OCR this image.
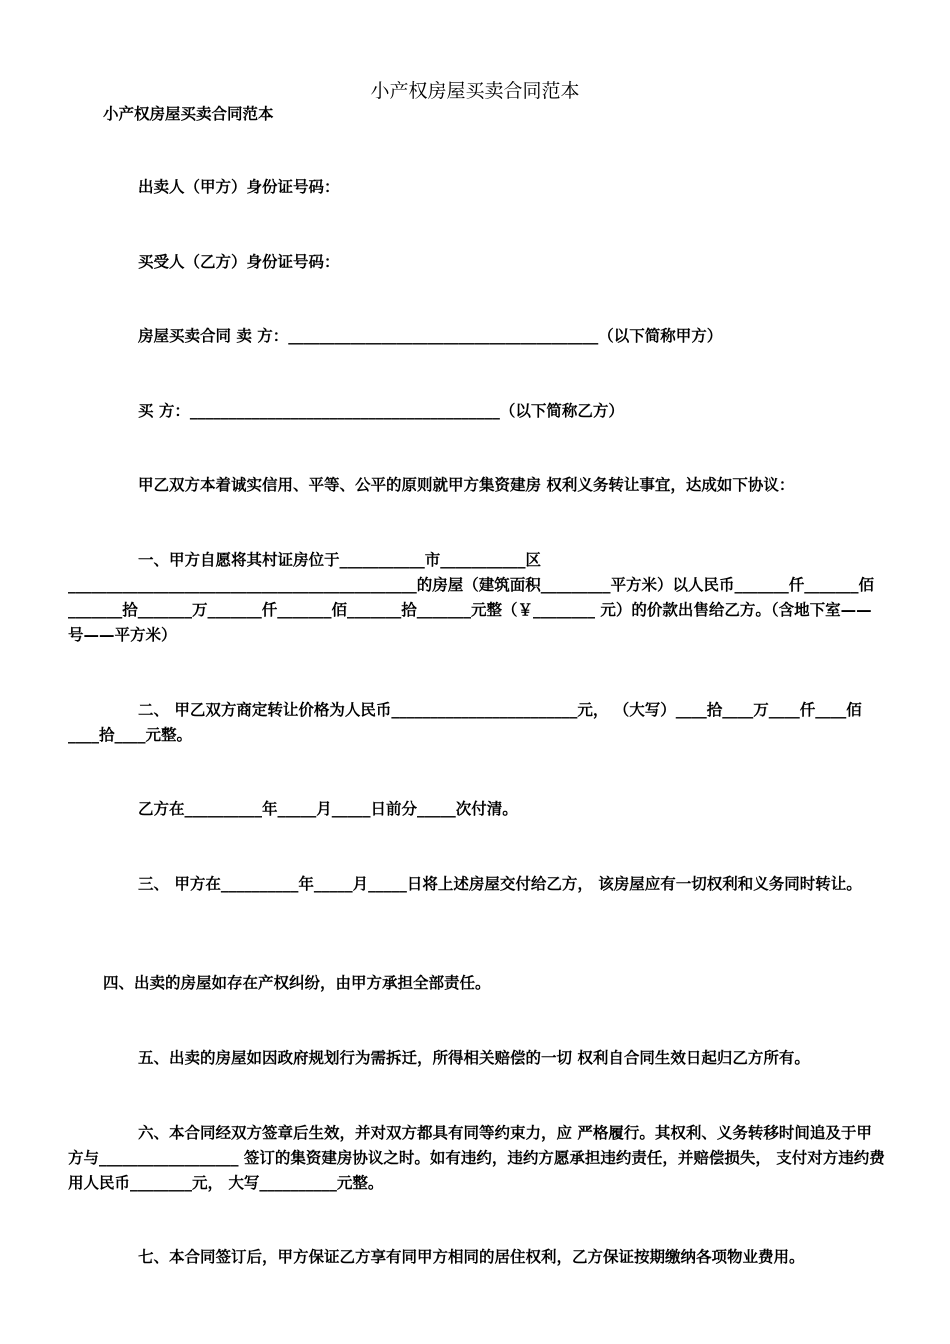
小产权房屋买卖合同范本
小产权房屋买卖合同范本
出卖人（甲方）身份证号码：
买受人（乙方）身份证号码：
房屋买卖合同 卖 方：________________________________________（以下简称甲方）
买 方：________________________________________（以下简称乙方）
甲乙双方本着诚实信用、平等、公平的原则就甲方集资建房 权利义务转让事宜，达成如下协议：
一、甲方自愿将其村证房位于___________市___________区_____________________________________________的房屋（建筑面积_________平方米）以人民币_______仟_______佰_______拾_______万_______仟_______佰_______拾_______元整（￥________ 元）的价款出售给乙方。（含地下室——号——平方米）
二、 甲乙双方商定转让价格为人民币________________________元， （大写）____拾____万____仟____佰____拾____元整。
乙方在__________年_____月_____日前分_____次付清。
三、 甲方在__________年_____月_____日将上述房屋交付给乙方， 该房屋应有一切权利和义务同时转让。
四、出卖的房屋如存在产权纠纷，由甲方承担全部责任。
五、出卖的房屋如因政府规划行为需拆迁，所得相关赔偿的一切 权利自合同生效日起归乙方所有。
六、本合同经双方签章后生效，并对双方都具有同等约束力，应 严格履行。其权利、义务转移时间追及于甲方与__________________ 签订的集资建房协议之时。如有违约，违约方愿承担违约责任，并赔偿损失， 支付对方违约费用人民币________元， 大写__________元整。
七、本合同签订后，甲方保证乙方享有同甲方相同的居住权利，乙方保证按期缴纳各项物业费用。
